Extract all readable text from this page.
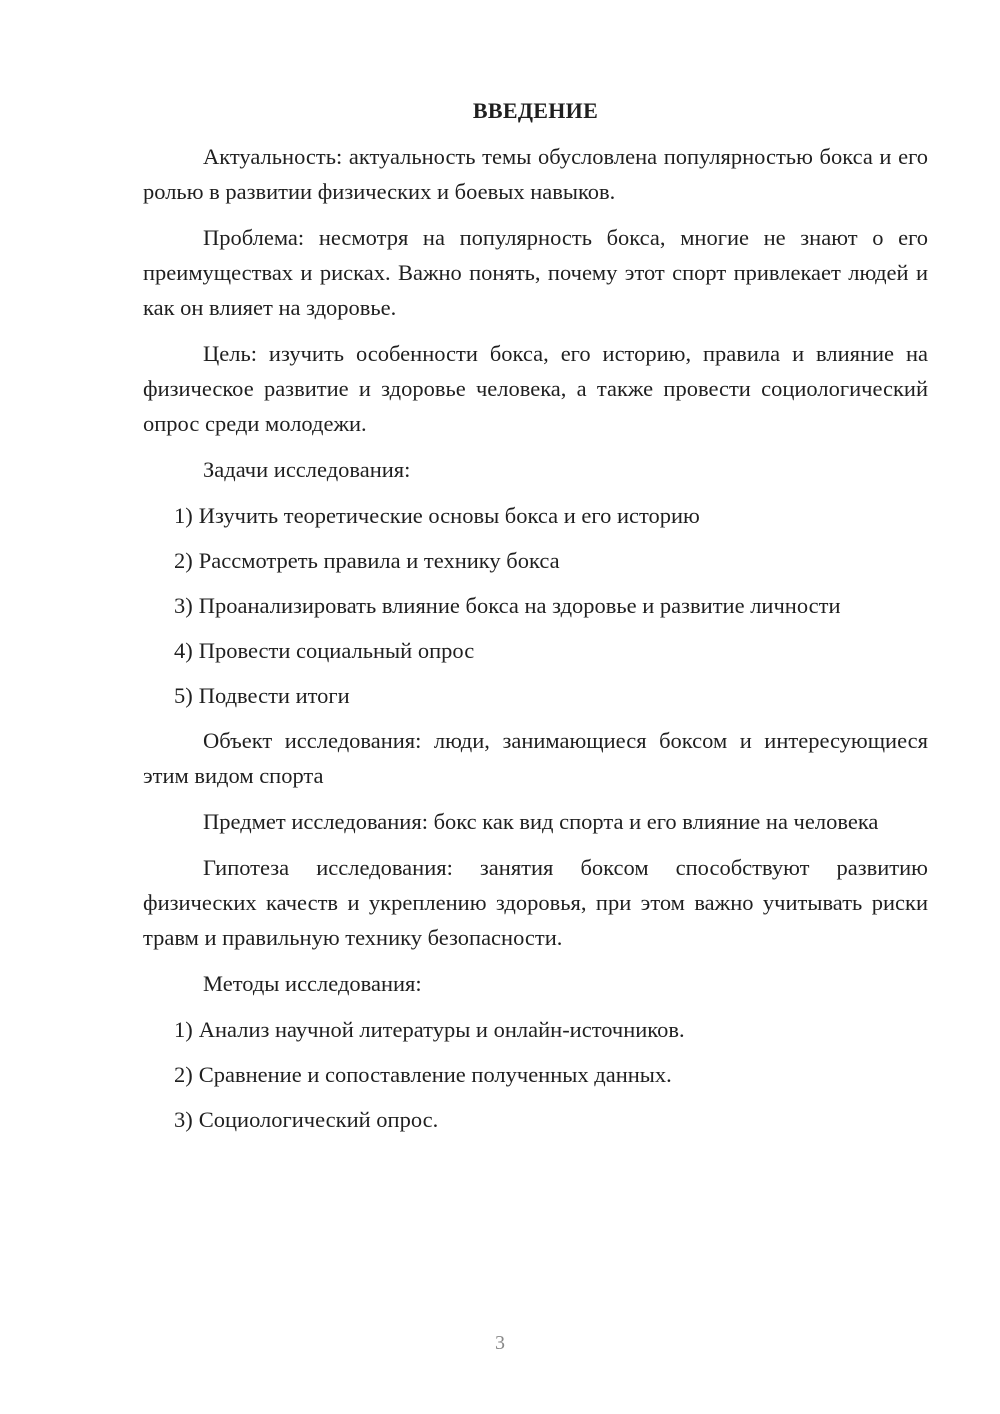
ВВЕДЕНИЕ

Актуальность: актуальность темы обусловлена популярностью бокса и его ролью в развитии физических и боевых навыков.

Проблема: несмотря на популярность бокса, многие не знают о его преимуществах и рисках. Важно понять, почему этот спорт привлекает людей и как он влияет на здоровье.

Цель: изучить особенности бокса, его историю, правила и влияние на физическое развитие и здоровье человека, а также провести социологический опрос среди молодежи.

Задачи исследования:

1) Изучить теоретические основы бокса и его историю
2) Рассмотреть правила и технику бокса
3) Проанализировать влияние бокса на здоровье и развитие личности
4) Провести социальный опрос
5) Подвести итоги

Объект исследования: люди, занимающиеся боксом и интересующиеся этим видом спорта

Предмет исследования: бокс как вид спорта и его влияние на человека

Гипотеза исследования: занятия боксом способствуют развитию физических качеств и укреплению здоровья, при этом важно учитывать риски травм и правильную технику безопасности.

Методы исследования:

1) Анализ научной литературы и онлайн-источников.
2) Сравнение и сопоставление полученных данных.
3) Социологический опрос.
3
